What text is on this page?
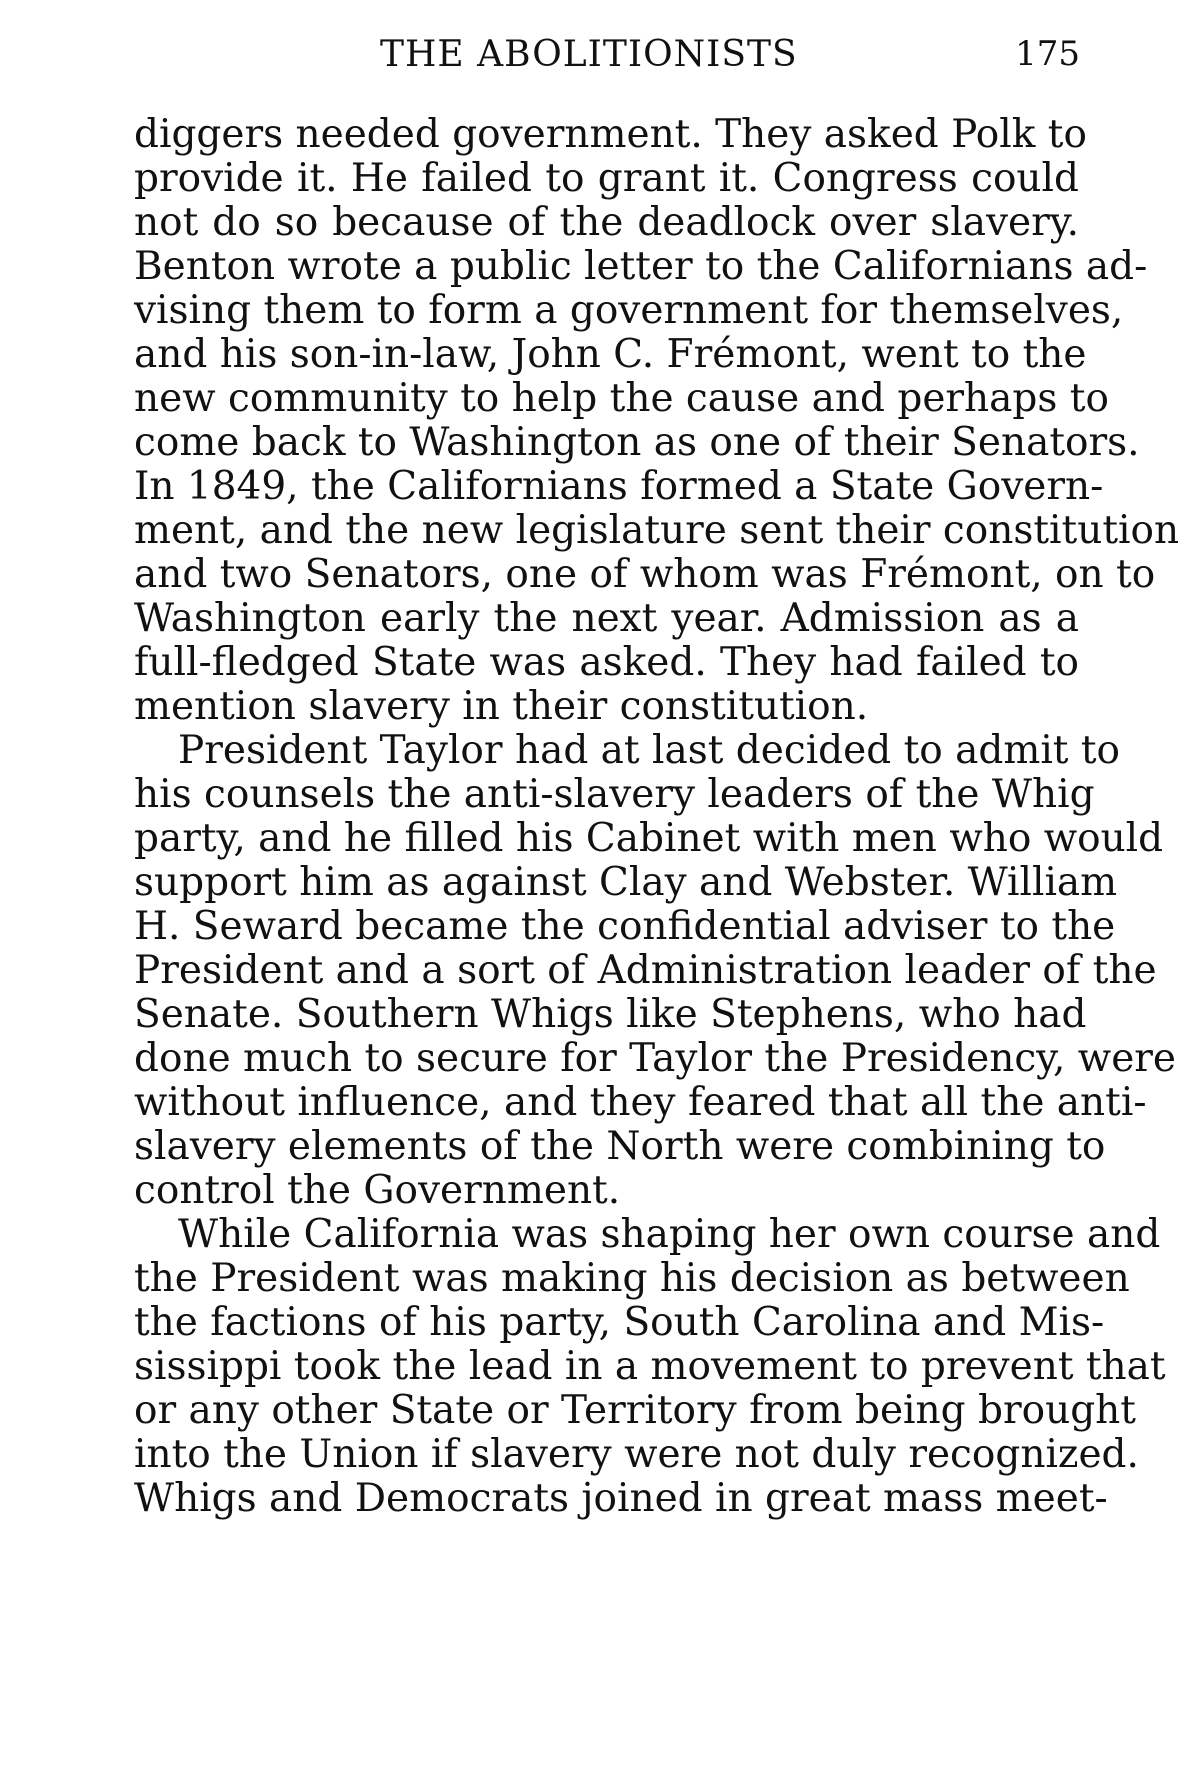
THE ABOLITIONISTS	175
diggers needed government. They asked Polk to
provide it. He failed to grant it. Congress could
not do so because of the deadlock over slavery.
Benton wrote a public letter to the Californians ad-
vising them to form a government for themselves,
and his son-in-law, John C. Frémont, went to the
new community to help the cause and perhaps to
come back to Washington as one of their Senators.
In 1849, the Californians formed a State Govern-
ment, and the new legislature sent their constitution
and two Senators, one of whom was Frémont, on to
Washington early the next year. Admission as a
full-fledged State was asked. They had failed to
mention slavery in their constitution.
President Taylor had at last decided to admit to
his counsels the anti-slavery leaders of the Whig
party, and he filled his Cabinet with men who would
support him as against Clay and Webster. William
H. Seward became the confidential adviser to the
President and a sort of Administration leader of the
Senate. Southern Whigs like Stephens, who had
done much to secure for Taylor the Presidency, were
without influence, and they feared that all the anti-
slavery elements of the North were combining to
control the Government.
While California was shaping her own course and
the President was making his decision as between
the factions of his party, South Carolina and Mis-
sissippi took the lead in a movement to prevent that
or any other State or Territory from being brought
into the Union if slavery were not duly recognized.
Whigs and Democrats joined in great mass meet-
